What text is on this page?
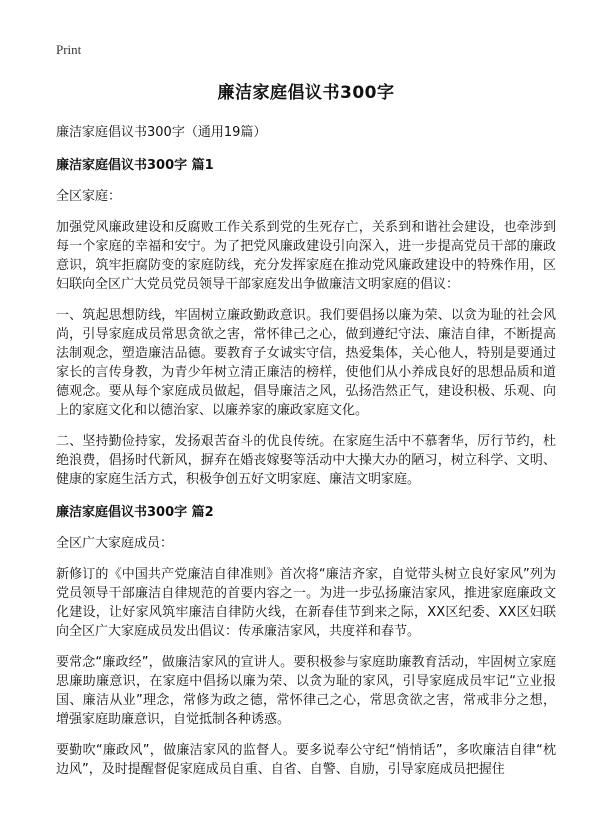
Print
廉洁家庭倡议书300字

廉洁家庭倡议书300字（通用19篇）

廉洁家庭倡议书300字 篇1

全区家庭：

加强党风廉政建设和反腐败工作关系到党的生死存亡，关系到和谐社会建设，也牵涉到每一个家庭的幸福和安宁。为了把党风廉政建设引向深入，进一步提高党员干部的廉政意识，筑牢拒腐防变的家庭防线，充分发挥家庭在推动党风廉政建设中的特殊作用，区妇联向全区广大党员党员领导干部家庭发出争做廉洁文明家庭的倡议：

一、筑起思想防线，牢固树立廉政勤政意识。我们要倡扬以廉为荣、以贪为耻的社会风尚，引导家庭成员常思贪欲之害，常怀律己之心，做到遵纪守法、廉洁自律，不断提高法制观念，塑造廉洁品德。要教育子女诚实守信，热爱集体，关心他人，特别是要通过家长的言传身教，为青少年树立清正廉洁的榜样，使他们从小养成良好的思想品质和道德观念。要从每个家庭成员做起，倡导廉洁之风，弘扬浩然正气，建设积极、乐观、向上的家庭文化和以德治家、以廉养家的廉政家庭文化。

二、坚持勤俭持家，发扬艰苦奋斗的优良传统。在家庭生活中不慕奢华，厉行节约，杜绝浪费，倡扬时代新风，摒弃在婚丧嫁娶等活动中大操大办的陋习，树立科学、文明、健康的家庭生活方式，积极争创五好文明家庭、廉洁文明家庭。

廉洁家庭倡议书300字 篇2

全区广大家庭成员：

新修订的《中国共产党廉洁自律准则》首次将“廉洁齐家，自觉带头树立良好家风”列为党员领导干部廉洁自律规范的首要内容之一。为进一步弘扬廉洁家风，推进家庭廉政文化建设，让好家风筑牢廉洁自律防火线，在新春佳节到来之际，XX区纪委、XX区妇联向全区广大家庭成员发出倡议：传承廉洁家风，共度祥和春节。

要常念“廉政经”，做廉洁家风的宣讲人。要积极参与家庭助廉教育活动，牢固树立家庭思廉助廉意识，在家庭中倡扬以廉为荣、以贪为耻的家风，引导家庭成员牢记“立业报国、廉洁从业”理念，常修为政之德，常怀律己之心，常思贪欲之害，常戒非分之想，增强家庭助廉意识，自觉抵制各种诱惑。

要勤吹“廉政风”，做廉洁家风的监督人。要多说奉公守纪“悄悄话”，多吹廉洁自律“枕边风”，及时提醒督促家庭成员自重、自省、自警、自励，引导家庭成员把握住
